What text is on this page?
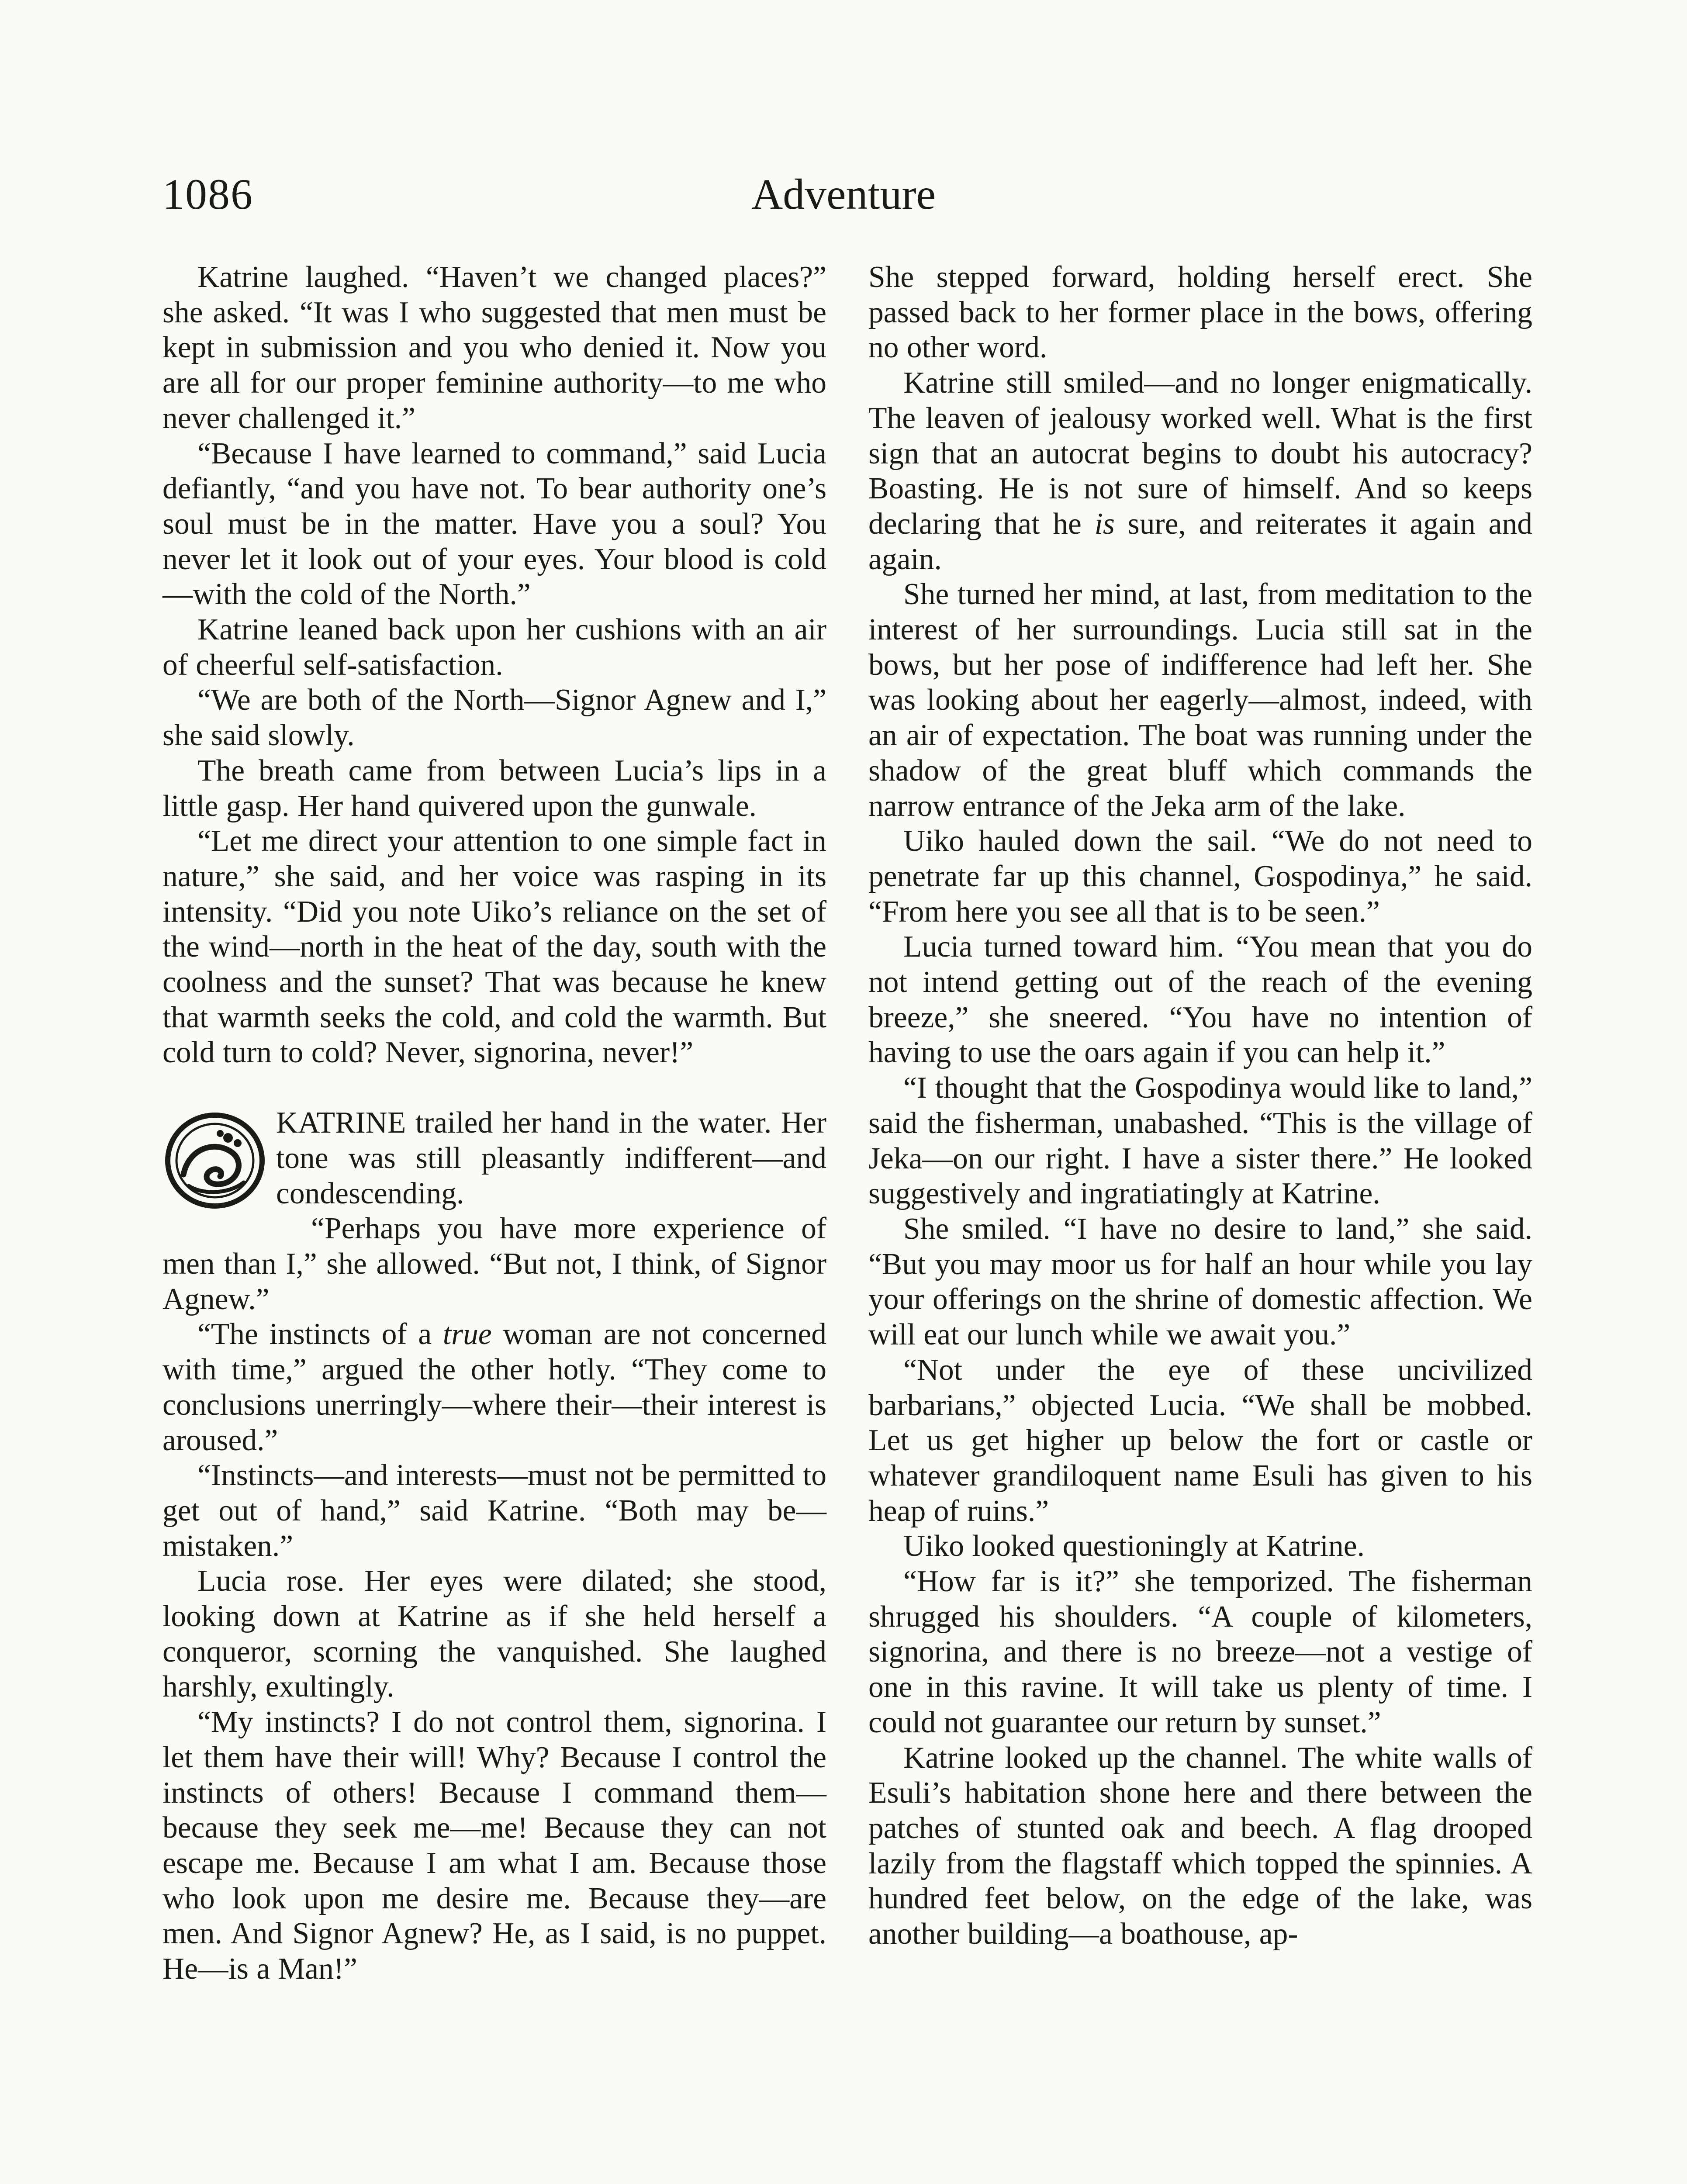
1086	Adventure

Katrine laughed. “Haven’t we changed places?” she asked. “It was I who suggested that men must be kept in submission and you who denied it. Now you are all for our proper feminine authority—to me who never challenged it.”

“Because I have learned to command,” said Lucia defiantly, “and you have not. To bear authority one’s soul must be in the matter. Have you a soul? You never let it look out of your eyes. Your blood is cold —with the cold of the North.”

Katrine leaned back upon her cushions with an air of cheerful self-satisfaction.

“We are both of the North—Signor Agnew and I,” she said slowly.

The breath came from between Lucia’s lips in a little gasp. Her hand quivered upon the gunwale.

“Let me direct your attention to one simple fact in nature,” she said, and her voice was rasping in its intensity. “Did you note Uiko’s reliance on the set of the wind—north in the heat of the day, south with the coolness and the sunset? That was because he knew that warmth seeks the cold, and cold the warmth. But cold turn to cold? Never, signorina, never!”

KATRINE trailed her hand in the water. Her tone was still pleasantly indifferent—and condescending.

“Perhaps you have more experience of men than I,” she allowed. “But not, I think, of Signor Agnew.”

“The instincts of a true woman are not concerned with time,” argued the other hotly. “They come to conclusions unerringly—where their—their interest is aroused.”

“Instincts—and interests—must not be permitted to get out of hand,” said Katrine. “Both may be—mistaken.”

Lucia rose. Her eyes were dilated; she stood, looking down at Katrine as if she held herself a conqueror, scorning the vanquished. She laughed harshly, exultingly.

“My instincts? I do not control them, signorina. I let them have their will! Why? Because I control the instincts of others! Because I command them—because they seek me—me! Because they can not escape me. Because I am what I am. Because those who look upon me desire me. Because they—are men. And Signor Agnew? He, as I said, is no puppet. He—is a Man!”

She stepped forward, holding herself erect. She passed back to her former place in the bows, offering no other word.

Katrine still smiled—and no longer enigmatically. The leaven of jealousy worked well. What is the first sign that an autocrat begins to doubt his autocracy? Boasting. He is not sure of himself. And so keeps declaring that he is sure, and reiterates it again and again.

She turned her mind, at last, from meditation to the interest of her surroundings. Lucia still sat in the bows, but her pose of indifference had left her. She was looking about her eagerly—almost, indeed, with an air of expectation. The boat was running under the shadow of the great bluff which commands the narrow entrance of the Jeka arm of the lake.

Uiko hauled down the sail. “We do not need to penetrate far up this channel, Gospodinya,” he said. “From here you see all that is to be seen.”

Lucia turned toward him. “You mean that you do not intend getting out of the reach of the evening breeze,” she sneered. “You have no intention of having to use the oars again if you can help it.”

“I thought that the Gospodinya would like to land,” said the fisherman, unabashed. “This is the village of Jeka—on our right. I have a sister there.” He looked suggestively and ingratiatingly at Katrine.

She smiled. “I have no desire to land,” she said. “But you may moor us for half an hour while you lay your offerings on the shrine of domestic affection. We will eat our lunch while we await you.”

“Not under the eye of these uncivilized barbarians,” objected Lucia. “We shall be mobbed. Let us get higher up below the fort or castle or whatever grandiloquent name Esuli has given to his heap of ruins.”

Uiko looked questioningly at Katrine.

“How far is it?” she temporized. The fisherman shrugged his shoulders. “A couple of kilometers, signorina, and there is no breeze—not a vestige of one in this ravine. It will take us plenty of time. I could not guarantee our return by sunset.”

Katrine looked up the channel. The white walls of Esuli’s habitation shone here and there between the patches of stunted oak and beech. A flag drooped lazily from the flagstaff which topped the spinnies. A hundred feet below, on the edge of the lake, was another building—a boathouse, ap-
